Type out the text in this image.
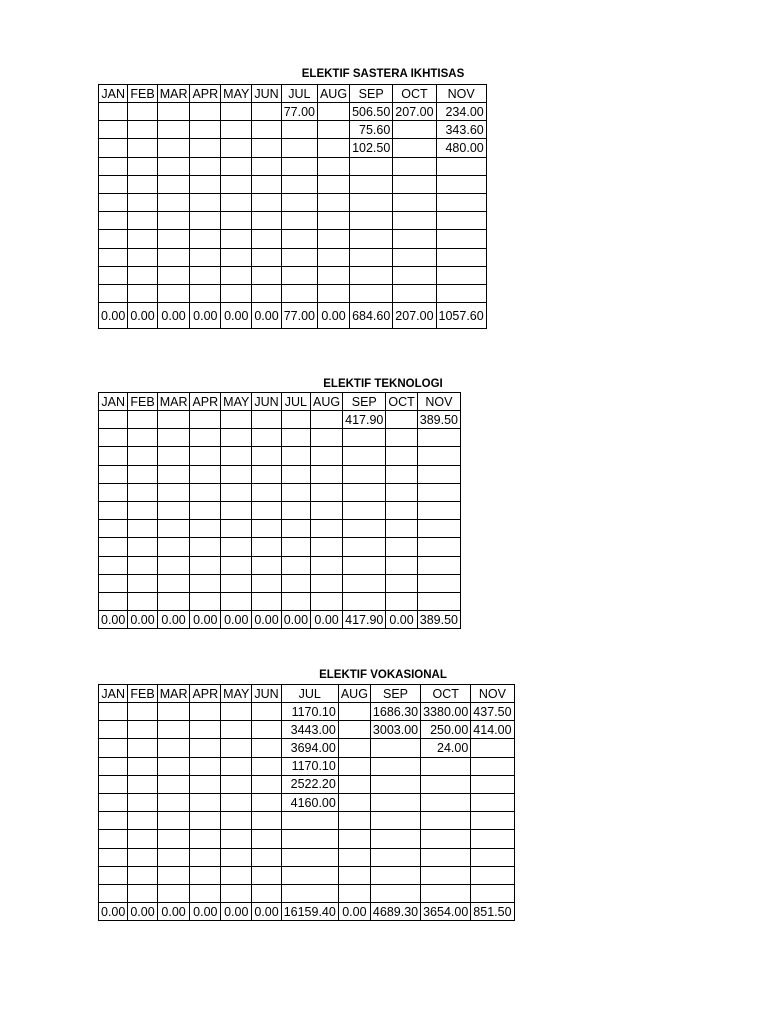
ELEKTIF SASTERA IKHTISAS
JAN	FEB	MAR	APR	MAY	JUN	JUL	AUG	SEP	OCT	NOV
						77.00		506.50	207.00	234.00
								75.60		343.60
								102.50		480.00

0.00	0.00	0.00	0.00	0.00	0.00	77.00	0.00	684.60	207.00	1057.60
ELEKTIF TEKNOLOGI
JAN	FEB	MAR	APR	MAY	JUN	JUL	AUG	SEP	OCT	NOV
								417.90		389.50

0.00	0.00	0.00	0.00	0.00	0.00	0.00	0.00	417.90	0.00	389.50
ELEKTIF VOKASIONAL
JAN	FEB	MAR	APR	MAY	JUN	JUL	AUG	SEP	OCT	NOV
						1170.10		1686.30	3380.00	437.50
						3443.00		3003.00	250.00	414.00
						3694.00			24.00	
						1170.10				
						2522.20				
						4160.00				

0.00	0.00	0.00	0.00	0.00	0.00	16159.40	0.00	4689.30	3654.00	851.50
